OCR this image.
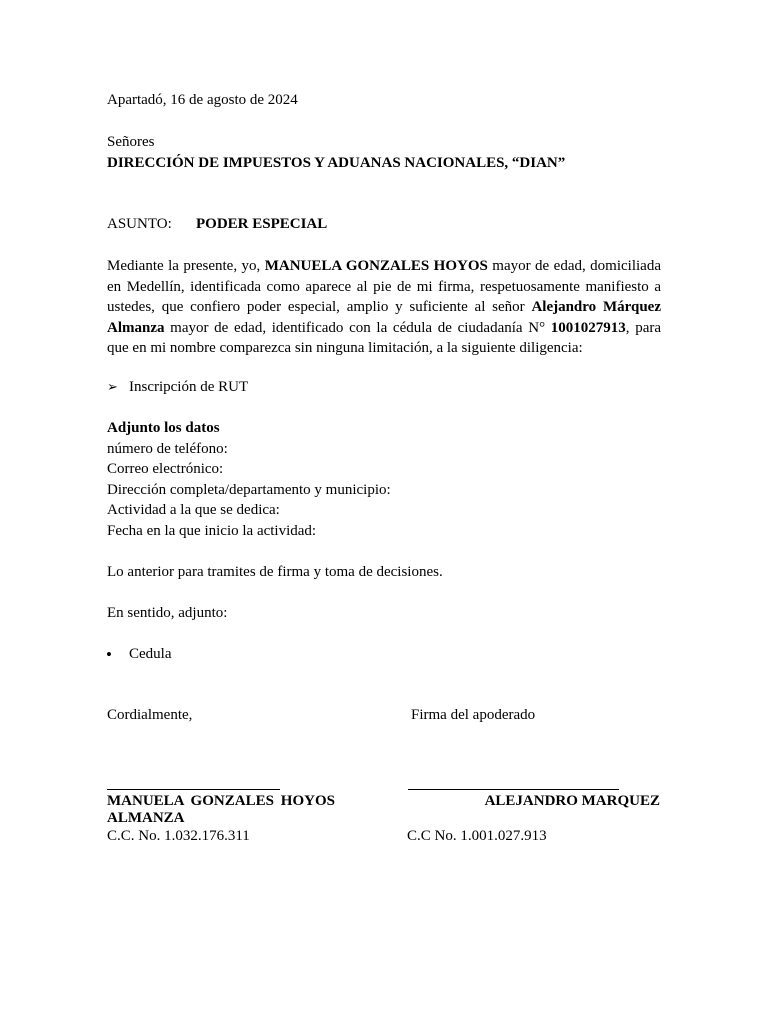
Apartadó, 16 de agosto de 2024
Señores
DIRECCIÓN DE IMPUESTOS Y ADUANAS NACIONALES, “DIAN”
ASUNTO: PODER ESPECIAL
Mediante la presente, yo, MANUELA GONZALES HOYOS mayor de edad, domiciliada en Medellín, identificada como aparece al pie de mi firma, respetuosamente manifiesto a ustedes, que confiero poder especial, amplio y suficiente al señor Alejandro Márquez Almanza mayor de edad, identificado con la cédula de ciudadanía N° 1001027913, para que en mi nombre comparezca sin ninguna limitación, a la siguiente diligencia:
➢ Inscripción de RUT
Adjunto los datos
número de teléfono:
Correo electrónico:
Dirección completa/departamento y municipio:
Actividad a la que se dedica:
Fecha en la que inicio la actividad:
Lo anterior para tramites de firma y toma de decisiones.
En sentido, adjunto:
• Cedula
Cordialmente,	Firma del apoderado
MANUELA GONZALES HOYOS
ALMANZA
C.C. No. 1.032.176.311
ALEJANDRO MARQUEZ
C.C No. 1.001.027.913
